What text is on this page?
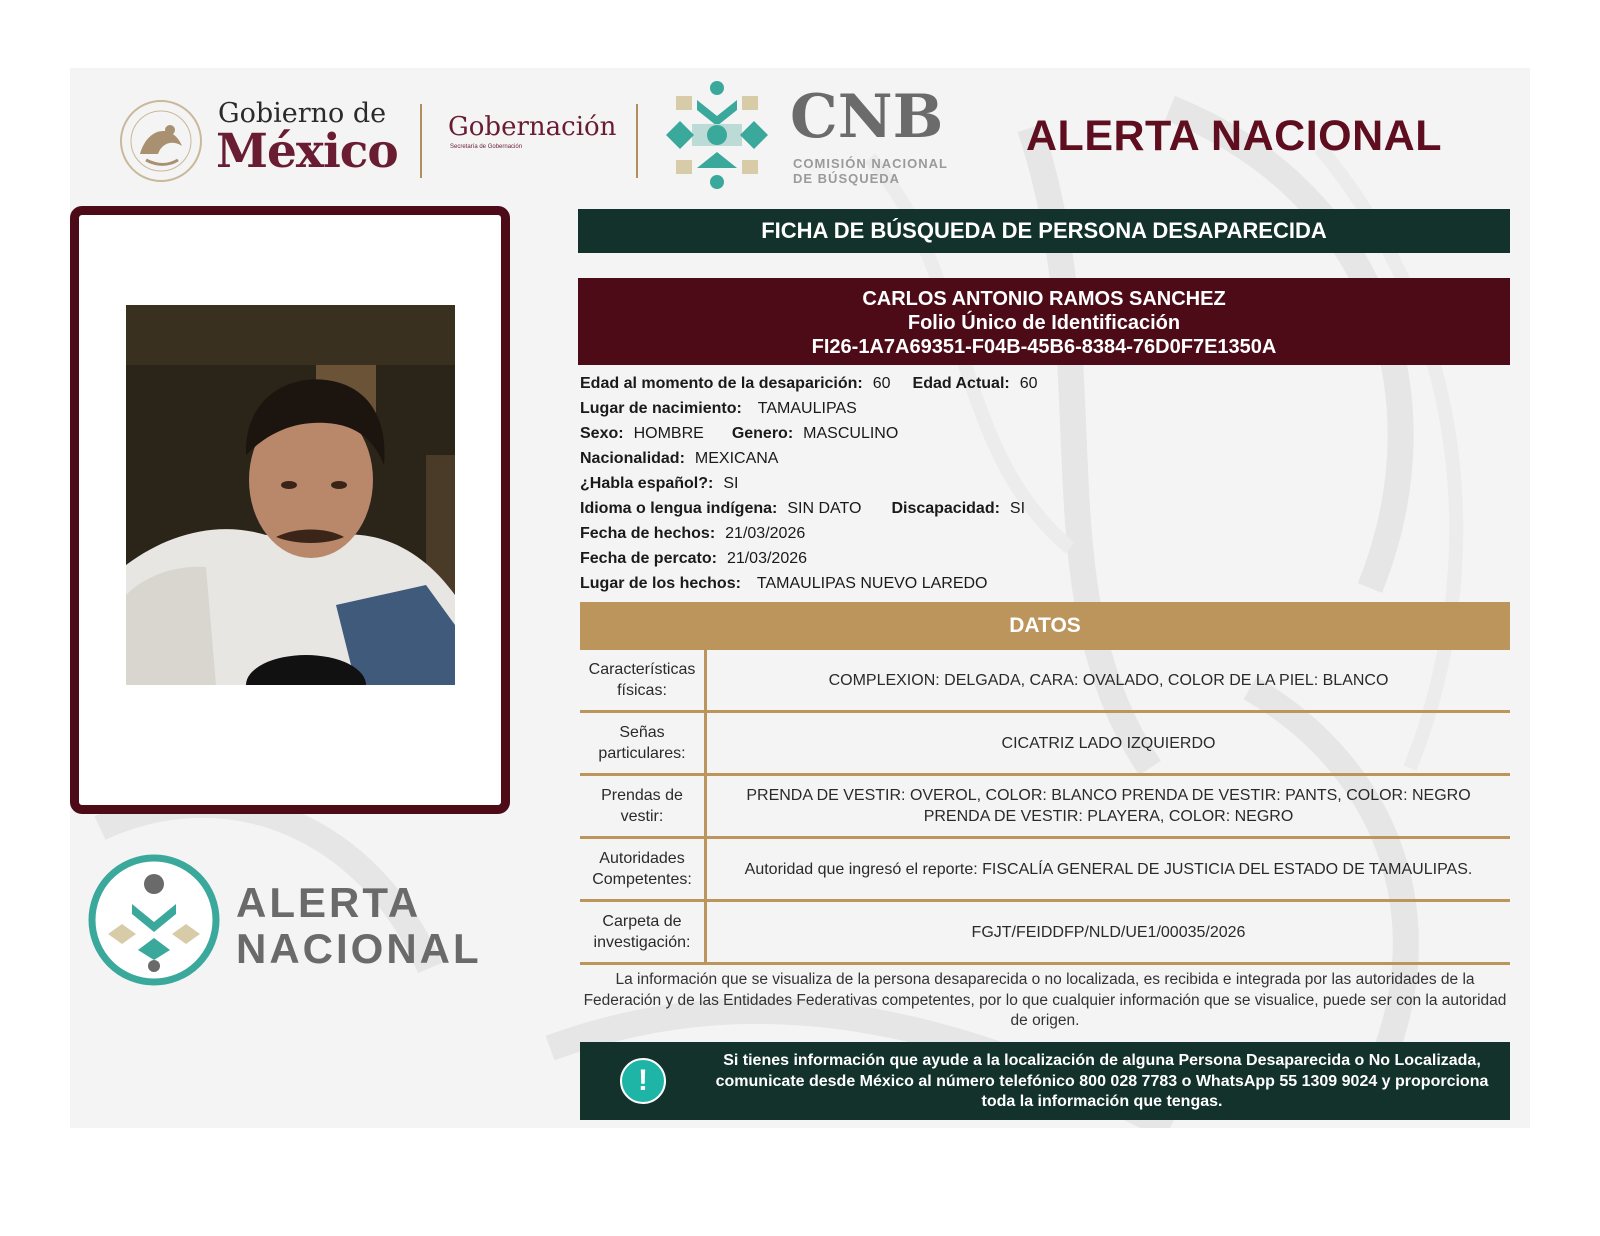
Gobierno de
México Gobernación
Secretaría de Gobernación	CNB
COMISIÓN NACIONAL
DE BÚSQUEDA
ALERTA NACIONAL
ALERTA
NACIONAL
FICHA DE BÚSQUEDA DE PERSONA DESAPARECIDA
CARLOS ANTONIO RAMOS SANCHEZ
Folio Único de Identificación
FI26-1A7A69351-F04B-45B6-8384-76D0F7E1350A
Edad al momento de la desaparición: 60 Edad Actual: 60
Lugar de nacimiento: TAMAULIPAS
Sexo: HOMBRE Genero: MASCULINO
Nacionalidad: MEXICANA
¿Habla español?: SI
Idioma o lengua indígena: SIN DATO Discapacidad: SI
Fecha de hechos: 21/03/2026
Fecha de percato: 21/03/2026
Lugar de los hechos: TAMAULIPAS NUEVO LAREDO
DATOS
Características físicas:	COMPLEXION: DELGADA, CARA: OVALADO, COLOR DE LA PIEL: BLANCO
Señas particulares:	CICATRIZ LADO IZQUIERDO
Prendas de vestir:	PRENDA DE VESTIR: OVEROL, COLOR: BLANCO PRENDA DE VESTIR: PANTS, COLOR: NEGRO PRENDA DE VESTIR: PLAYERA, COLOR: NEGRO
Autoridades Competentes:	Autoridad que ingresó el reporte: FISCALÍA GENERAL DE JUSTICIA DEL ESTADO DE TAMAULIPAS.
Carpeta de investigación:	FGJT/FEIDDFP/NLD/UE1/00035/2026
La información que se visualiza de la persona desaparecida o no localizada, es recibida e integrada por las autoridades de la Federación y de las Entidades Federativas competentes, por lo que cualquier información que se visualice, puede ser con la autoridad de origen.
!
Si tienes información que ayude a la localización de alguna Persona Desaparecida o No Localizada, comunicate desde México al número telefónico 800 028 7783 o WhatsApp 55 1309 9024 y proporciona toda la información que tengas.
